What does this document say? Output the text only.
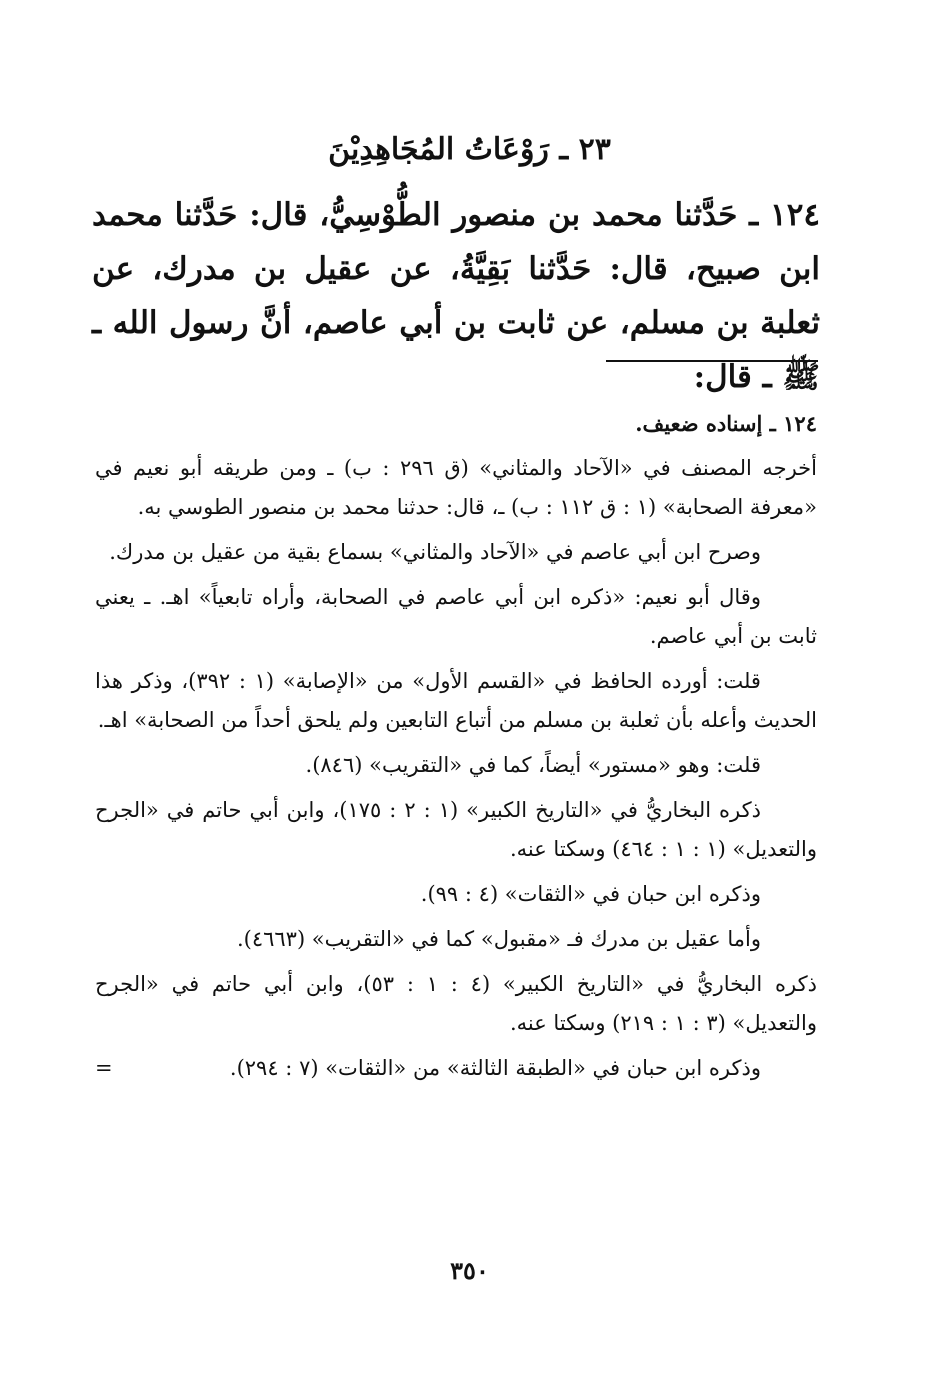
٢٣ ـ رَوْعَاتُ المُجَاهِدِيْنَ
١٢٤ ـ حَدَّثنا محمد بن منصور الطُّوْسِيُّ، قال: حَدَّثنا محمد ابن صبيح، قال: حَدَّثنا بَقِيَّةُ، عن عقيل بن مدرك، عن ثعلبة بن مسلم، عن ثابت بن أبي عاصم، أنَّ رسول الله ـ ﷺ ـ قال:
١٢٤ ـ إسناده ضعيف.
أخرجه المصنف في «الآحاد والمثاني» (ق ٢٩٦ : ب) ـ ومن طريقه أبو نعيم في «معرفة الصحابة» (١ : ق ١١٢ : ب) ـ، قال: حدثنا محمد بن منصور الطوسي به.
وصرح ابن أبي عاصم في «الآحاد والمثاني» بسماع بقية من عقيل بن مدرك.
وقال أبو نعيم: «ذكره ابن أبي عاصم في الصحابة، وأراه تابعياً» اهـ. ـ يعني ثابت بن أبي عاصم.
قلت: أورده الحافظ في «القسم الأول» من «الإصابة» (١ : ٣٩٢)، وذكر هذا الحديث وأعله بأن ثعلبة بن مسلم من أتباع التابعين ولم يلحق أحداً من الصحابة» اهـ.
قلت: وهو «مستور» أيضاً، كما في «التقريب» (٨٤٦).
ذكره البخاريُّ في «التاريخ الكبير» (١ : ٢ : ١٧٥)، وابن أبي حاتم في «الجرح والتعديل» (١ : ١ : ٤٦٤) وسكتا عنه.
وذكره ابن حبان في «الثقات» (٤ : ٩٩).
وأما عقيل بن مدرك فـ «مقبول» كما في «التقريب» (٤٦٦٣).
ذكره البخاريُّ في «التاريخ الكبير» (٤ : ١ : ٥٣)، وابن أبي حاتم في «الجرح والتعديل» (٣ : ١ : ٢١٩) وسكتا عنه.
وذكره ابن حبان في «الطبقة الثالثة» من «الثقات» (٧ : ٢٩٤).
=
٣٥٠
